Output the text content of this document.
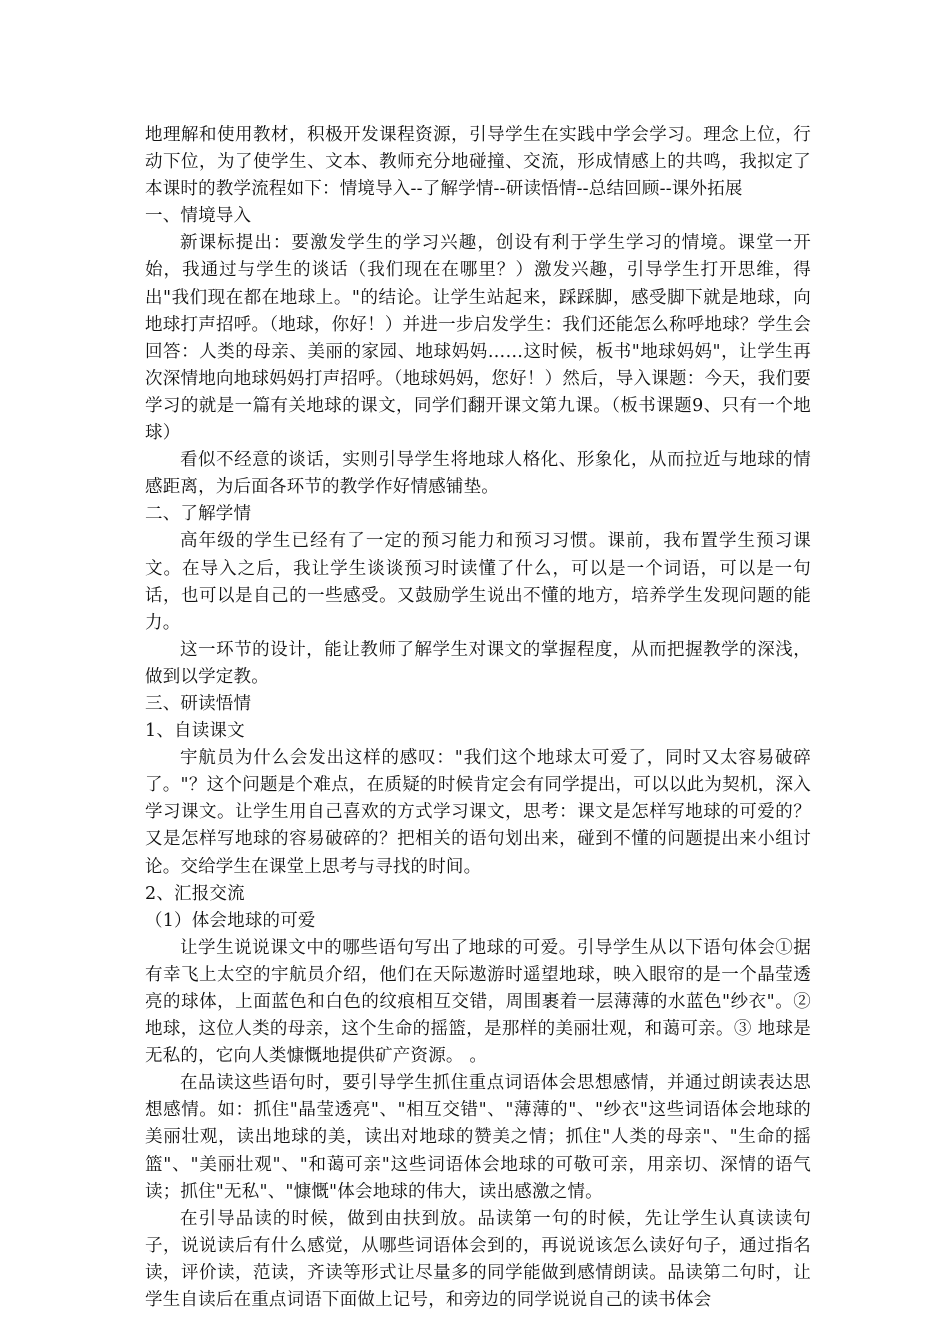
地理解和使用教材，积极开发课程资源，引导学生在实践中学会学习。理念上位，行动下位，为了使学生、文本、教师充分地碰撞、交流，形成情感上的共鸣，我拟定了本课时的教学流程如下：情境导入--了解学情--研读悟情--总结回顾--课外拓展

一、情境导入

新课标提出：要激发学生的学习兴趣，创设有利于学生学习的情境。课堂一开始，我通过与学生的谈话（我们现在在哪里？）激发兴趣，引导学生打开思维，得出"我们现在都在地球上。"的结论。让学生站起来，踩踩脚，感受脚下就是地球，向地球打声招呼。（地球，你好！）并进一步启发学生：我们还能怎么称呼地球？学生会回答：人类的母亲、美丽的家园、地球妈妈……这时候，板书"地球妈妈"，让学生再次深情地向地球妈妈打声招呼。（地球妈妈，您好！）然后，导入课题：今天，我们要学习的就是一篇有关地球的课文，同学们翻开课文第九课。（板书课题9、只有一个地球）

看似不经意的谈话，实则引导学生将地球人格化、形象化，从而拉近与地球的情感距离，为后面各环节的教学作好情感铺垫。

二、了解学情

高年级的学生已经有了一定的预习能力和预习习惯。课前，我布置学生预习课文。在导入之后，我让学生谈谈预习时读懂了什么，可以是一个词语，可以是一句话，也可以是自己的一些感受。又鼓励学生说出不懂的地方，培养学生发现问题的能力。

这一环节的设计，能让教师了解学生对课文的掌握程度，从而把握教学的深浅，做到以学定教。

三、研读悟情

1、自读课文

宇航员为什么会发出这样的感叹："我们这个地球太可爱了，同时又太容易破碎了。"？这个问题是个难点，在质疑的时候肯定会有同学提出，可以以此为契机，深入学习课文。让学生用自己喜欢的方式学习课文，思考：课文是怎样写地球的可爱的？又是怎样写地球的容易破碎的？把相关的语句划出来，碰到不懂的问题提出来小组讨论。交给学生在课堂上思考与寻找的时间。

2、汇报交流

（1）体会地球的可爱

让学生说说课文中的哪些语句写出了地球的可爱。引导学生从以下语句体会①据有幸飞上太空的宇航员介绍，他们在天际遨游时遥望地球，映入眼帘的是一个晶莹透亮的球体，上面蓝色和白色的纹痕相互交错，周围裹着一层薄薄的水蓝色"纱衣"。② 地球，这位人类的母亲，这个生命的摇篮，是那样的美丽壮观，和蔼可亲。③ 地球是无私的，它向人类慷慨地提供矿产资源。 。

在品读这些语句时，要引导学生抓住重点词语体会思想感情，并通过朗读表达思想感情。如：抓住"晶莹透亮"、"相互交错"、"薄薄的"、"纱衣"这些词语体会地球的美丽壮观，读出地球的美，读出对地球的赞美之情；抓住"人类的母亲"、"生命的摇篮"、"美丽壮观"、"和蔼可亲"这些词语体会地球的可敬可亲，用亲切、深情的语气读；抓住"无私"、"慷慨"体会地球的伟大，读出感激之情。

在引导品读的时候，做到由扶到放。品读第一句的时候，先让学生认真读读句子，说说读后有什么感觉，从哪些词语体会到的，再说说该怎么读好句子，通过指名读，评价读，范读，齐读等形式让尽量多的同学能做到感情朗读。品读第二句时，让学生自读后在重点词语下面做上记号，和旁边的同学说说自己的读书体会
